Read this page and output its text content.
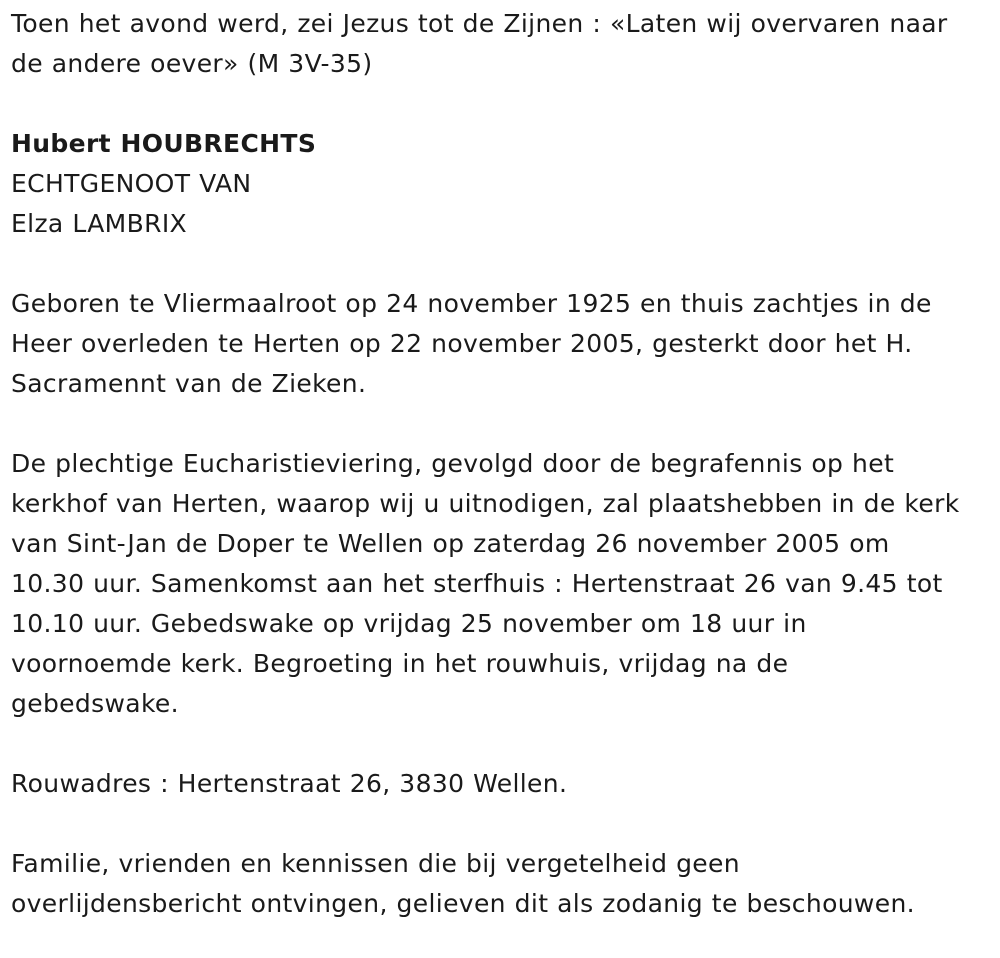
Toen het avond werd, zei Jezus tot de Zijnen : «Laten wij overvaren naar

de andere oever» (M 3V-35)

Hubert HOUBRECHTS

ECHTGENOOT VAN

Elza LAMBRIX

Geboren te Vliermaalroot op 24 november 1925 en thuis zachtjes in de

Heer overleden te Herten op 22 november 2005, gesterkt door het H.

Sacramennt van de Zieken.

De plechtige Eucharistieviering, gevolgd door de begrafennis op het

kerkhof van Herten, waarop wij u uitnodigen, zal plaatshebben in de kerk

van Sint-Jan de Doper te Wellen op zaterdag 26 november 2005 om

10.30 uur. Samenkomst aan het sterfhuis : Hertenstraat 26 van 9.45 tot

10.10 uur. Gebedswake op vrijdag 25 november om 18 uur in

voornoemde kerk. Begroeting in het rouwhuis, vrijdag na de

gebedswake.

Rouwadres : Hertenstraat 26, 3830 Wellen.

Familie, vrienden en kennissen die bij vergetelheid geen

overlijdensbericht ontvingen, gelieven dit als zodanig te beschouwen.
